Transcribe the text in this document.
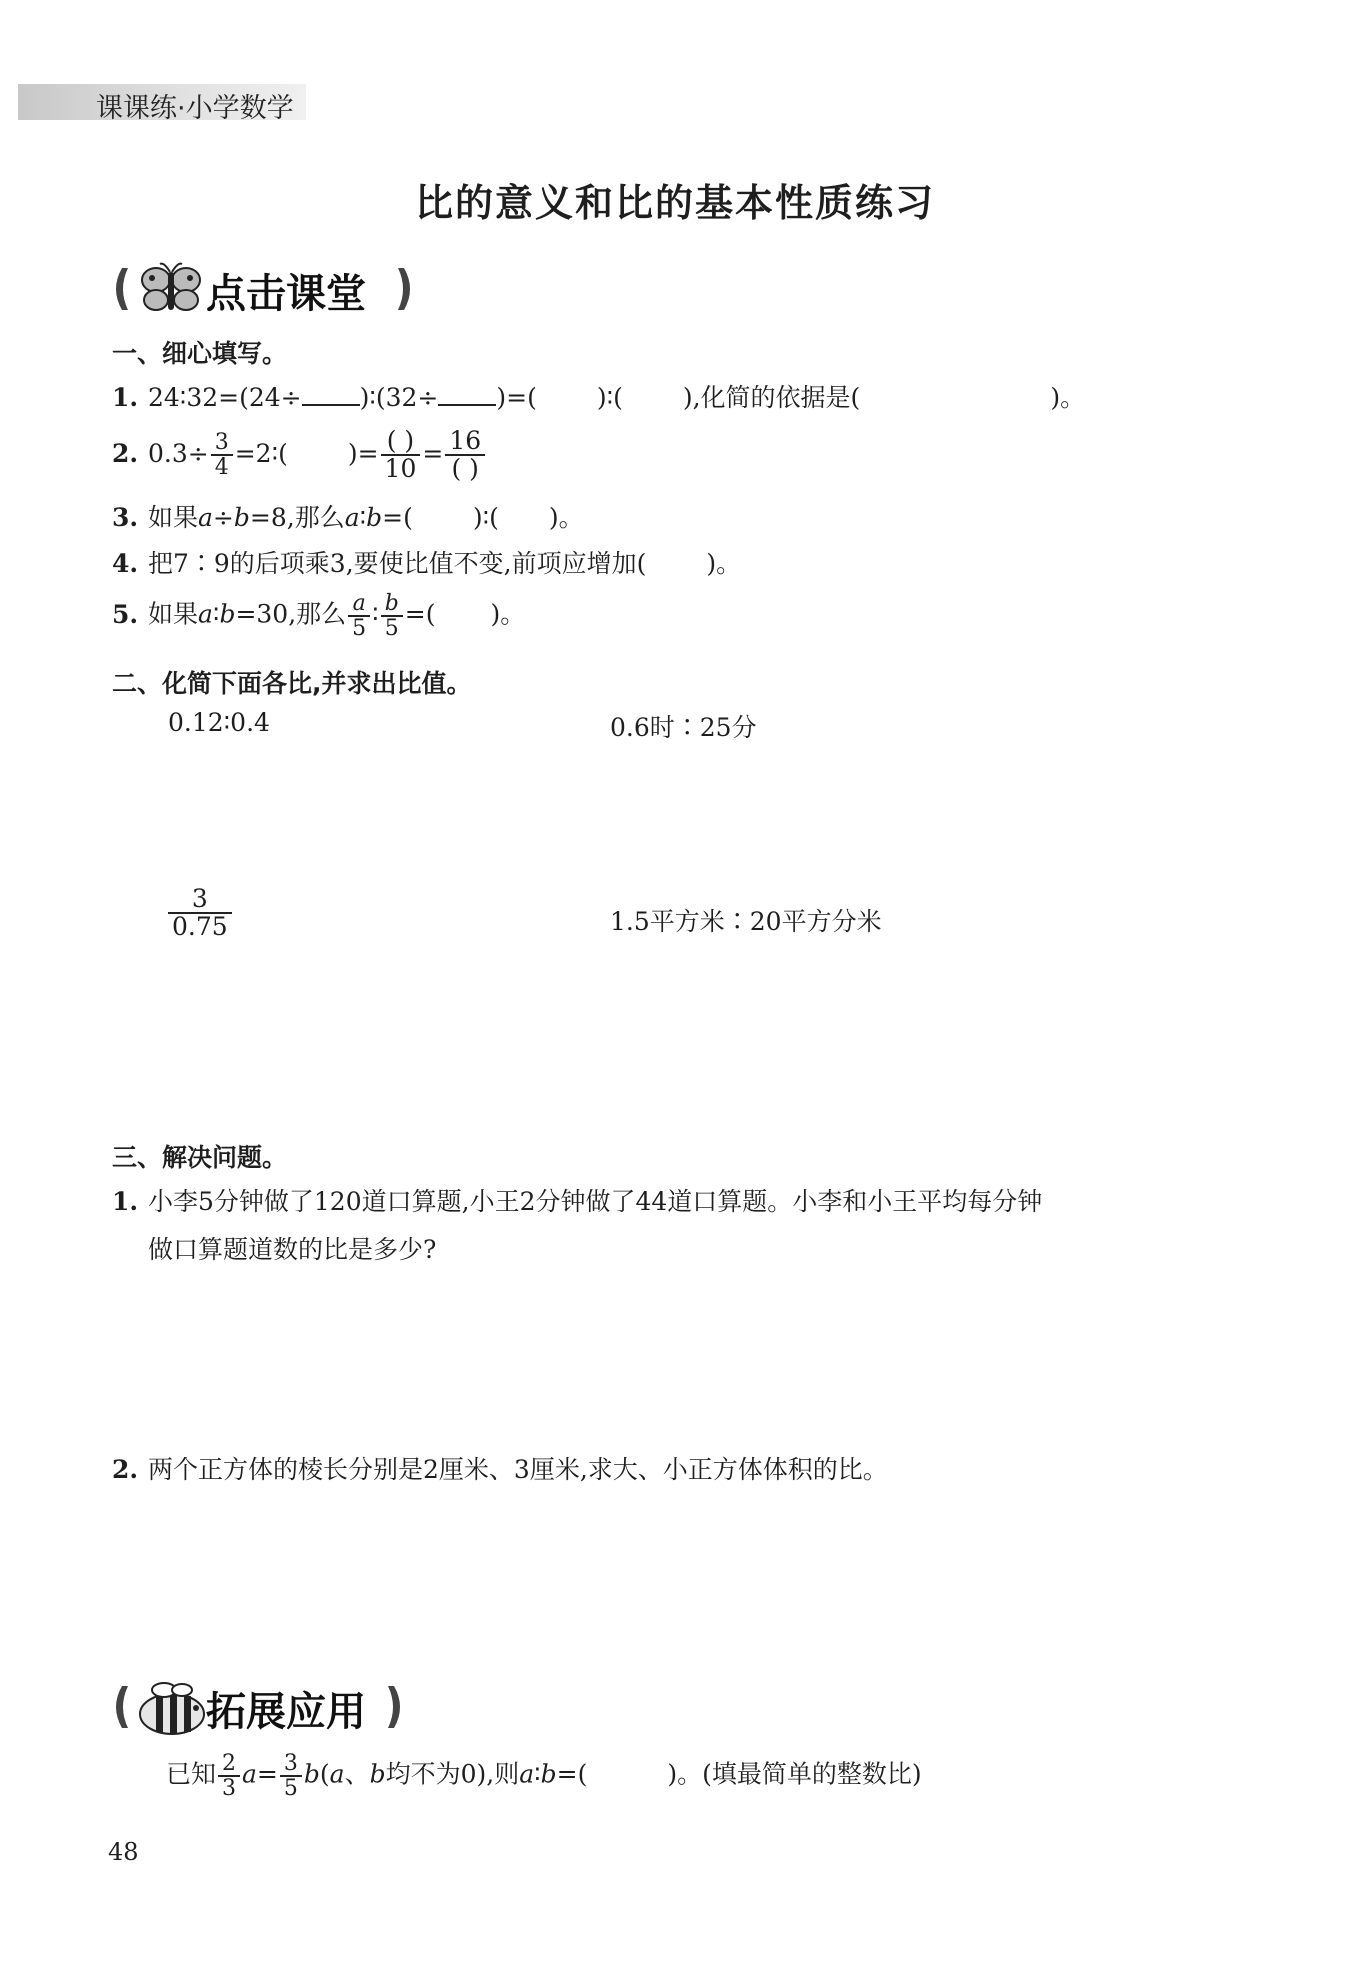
课课练·小学数学
比的意义和比的基本性质练习
点击课堂
一、细心填写。
1. 24∶32=(24÷ )∶(32÷ )=( )∶( ),化简的依据是(	)。
2. $0.3\div \frac{3}{4}$ =2∶( )= $\frac{( )}{10} = \frac{16}{( )}$
3. 如果a÷b=8,那么a∶b=( )∶( )。
4. 把7∶9的后项乘3,要使比值不变,前项应增加( )。
5. 如果a∶b=30,那么 $\frac{a}{5}$ ∶ $\frac{b}{5}$ =( )。
二、化简下面各比,并求出比值。
0.12∶0.4	0.6时∶25分
$\frac{3}{0.75}$	1.5平方米∶20平方分米
三、解决问题。
1. 小李5分钟做了120道口算题,小王2分钟做了44道口算题。小李和小王平均每分钟
做口算题道数的比是多少?
2. 两个正方体的棱长分别是2厘米、3厘米,求大、小正方体体积的比。
拓展应用
已知 $\frac{2}{3} a= \frac{3}{5} b(a$、b均不为0),则a∶b=(	)。(填最简单的整数比)
48
